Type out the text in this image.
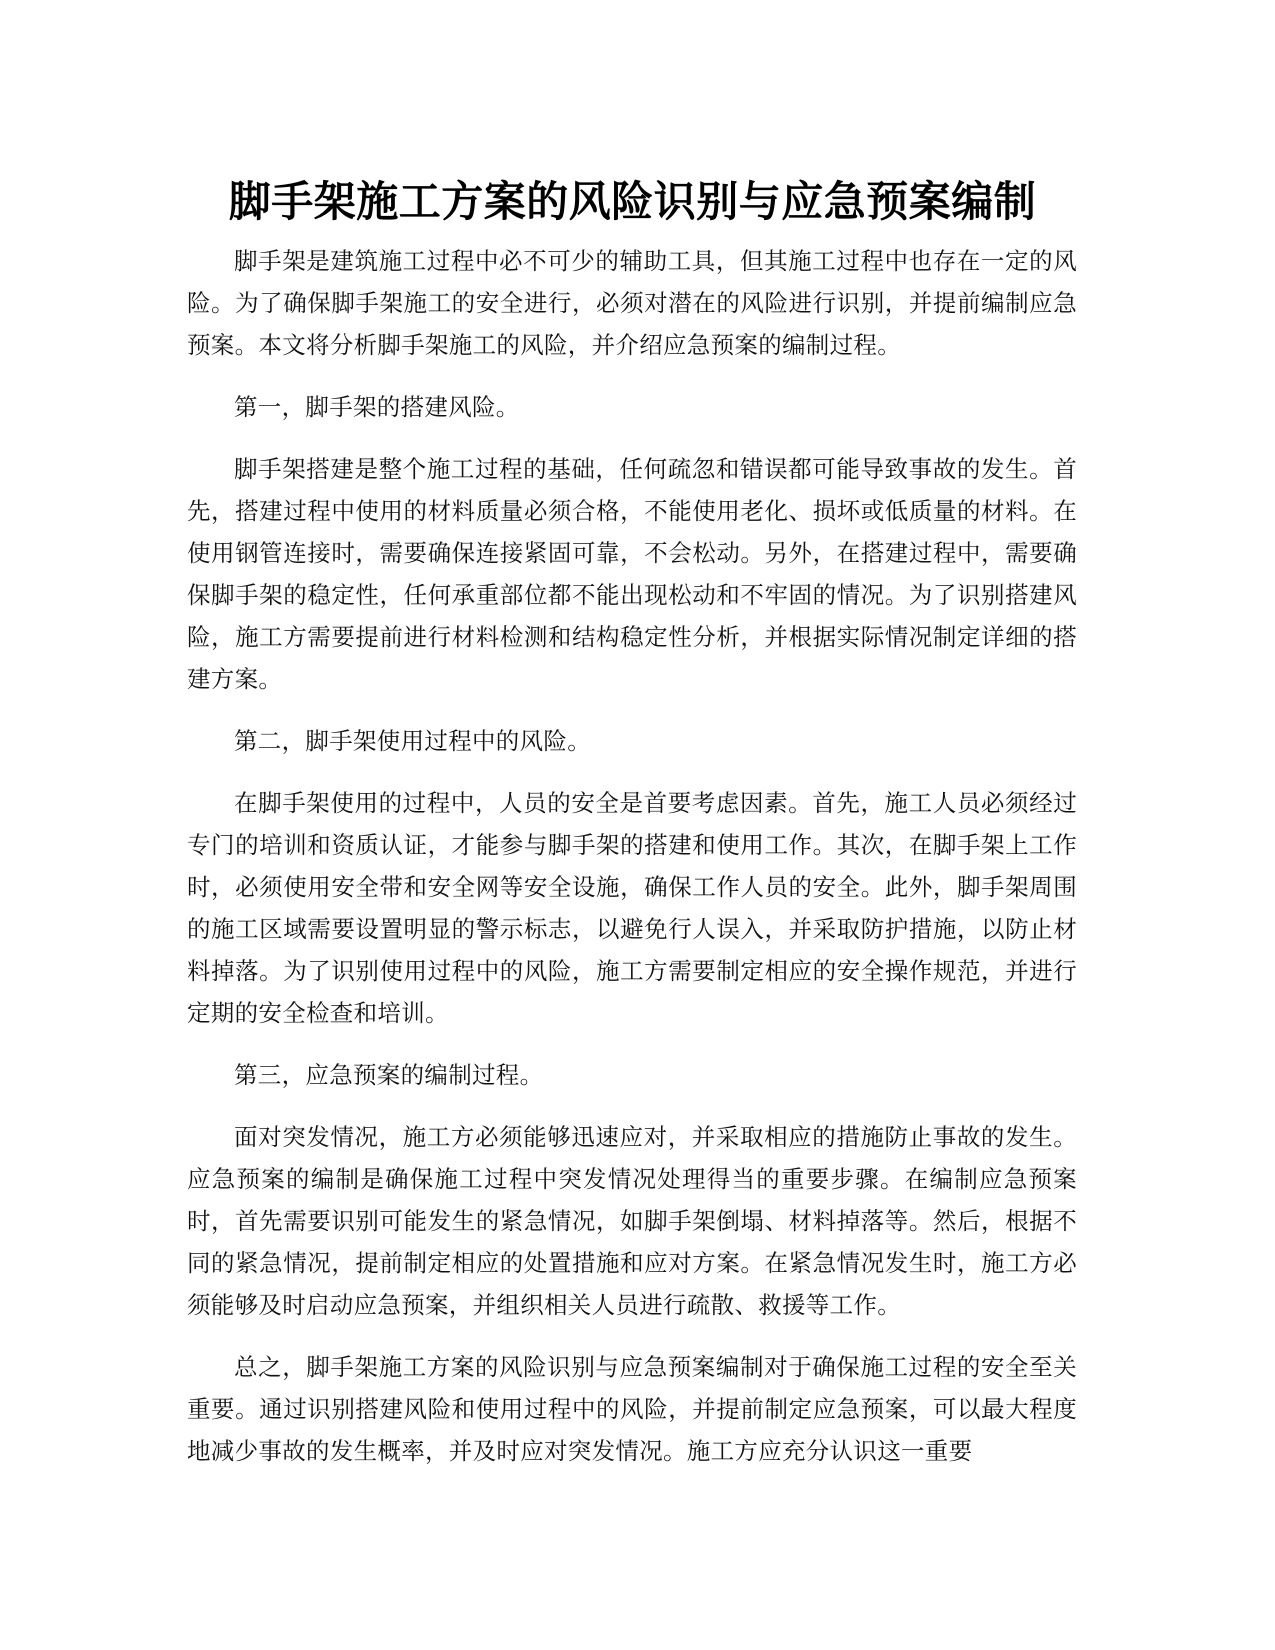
脚手架施工方案的风险识别与应急预案编制

脚手架是建筑施工过程中必不可少的辅助工具，但其施工过程中也存在一定的风险。为了确保脚手架施工的安全进行，必须对潜在的风险进行识别，并提前编制应急预案。本文将分析脚手架施工的风险，并介绍应急预案的编制过程。

第一，脚手架的搭建风险。

脚手架搭建是整个施工过程的基础，任何疏忽和错误都可能导致事故的发生。首先，搭建过程中使用的材料质量必须合格，不能使用老化、损坏或低质量的材料。在使用钢管连接时，需要确保连接紧固可靠，不会松动。另外，在搭建过程中，需要确保脚手架的稳定性，任何承重部位都不能出现松动和不牢固的情况。为了识别搭建风险，施工方需要提前进行材料检测和结构稳定性分析，并根据实际情况制定详细的搭建方案。

第二，脚手架使用过程中的风险。

在脚手架使用的过程中，人员的安全是首要考虑因素。首先，施工人员必须经过专门的培训和资质认证，才能参与脚手架的搭建和使用工作。其次，在脚手架上工作时，必须使用安全带和安全网等安全设施，确保工作人员的安全。此外，脚手架周围的施工区域需要设置明显的警示标志，以避免行人误入，并采取防护措施，以防止材料掉落。为了识别使用过程中的风险，施工方需要制定相应的安全操作规范，并进行定期的安全检查和培训。

第三，应急预案的编制过程。

面对突发情况，施工方必须能够迅速应对，并采取相应的措施防止事故的发生。应急预案的编制是确保施工过程中突发情况处理得当的重要步骤。在编制应急预案时，首先需要识别可能发生的紧急情况，如脚手架倒塌、材料掉落等。然后，根据不同的紧急情况，提前制定相应的处置措施和应对方案。在紧急情况发生时，施工方必须能够及时启动应急预案，并组织相关人员进行疏散、救援等工作。

总之，脚手架施工方案的风险识别与应急预案编制对于确保施工过程的安全至关重要。通过识别搭建风险和使用过程中的风险，并提前制定应急预案，可以最大程度地减少事故的发生概率，并及时应对突发情况。施工方应充分认识这一重要
